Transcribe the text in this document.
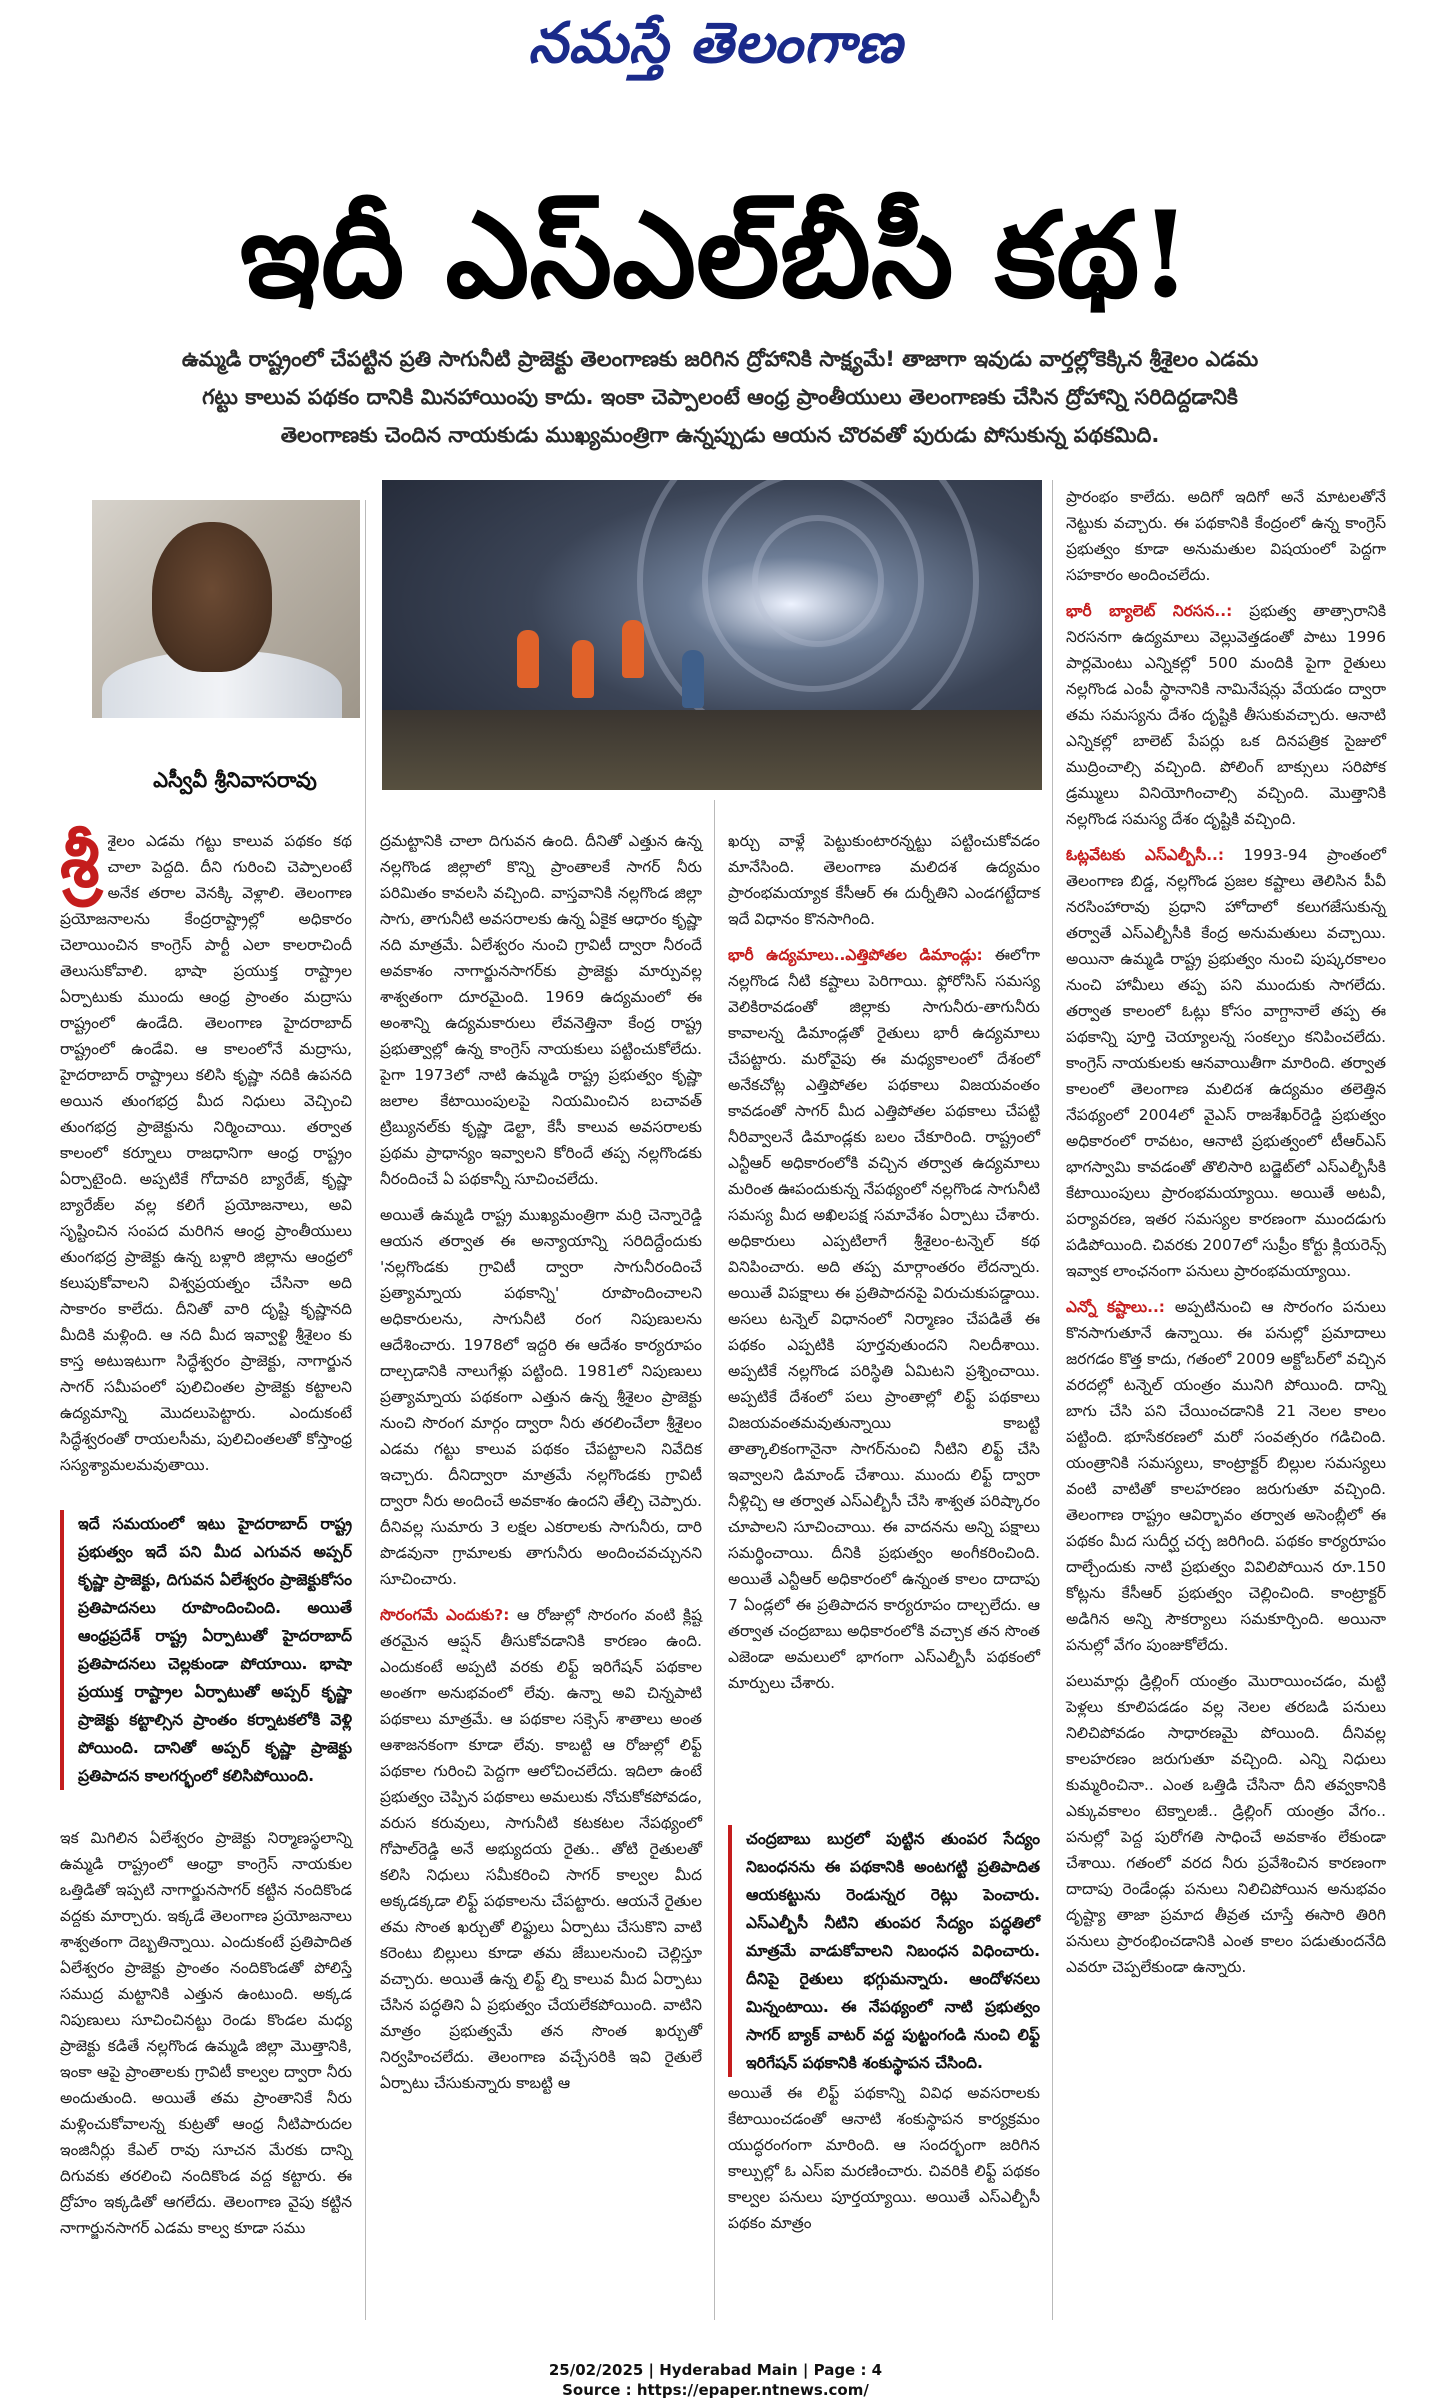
నమస్తే తెలంగాణ
ఇదీ ఎస్‌ఎల్‌బీసీ కథ!
ఉమ్మడి రాష్ట్రంలో చేపట్టిన ప్రతి సాగునీటి ప్రాజెక్టు తెలంగాణకు జరిగిన ద్రోహానికి సాక్ష్యమే! తాజాగా ఇవుడు వార్తల్లోకెక్కిన శ్రీశైలం ఎడమ గట్టు కాలువ పథకం దానికి మినహాయింపు కాదు. ఇంకా చెప్పాలంటే ఆంధ్ర ప్రాంతీయులు తెలంగాణకు చేసిన ద్రోహాన్ని సరిదిద్దడానికి తెలంగాణకు చెందిన నాయకుడు ముఖ్యమంత్రిగా ఉన్నప్పుడు ఆయన చొరవతో పురుడు పోసుకున్న పథకమిది.
ఎస్వీవీ శ్రీనివాసరావు

శ్రీ శైలం ఎడమ గట్టు కాలువ పథకం కథ చాలా పెద్దది. దీని గురించి చెప్పాలంటే అనేక తరాల వెనక్కి వెళ్లాలి. తెలంగాణ ప్రయోజనాలను కేంద్రరాష్ట్రాల్లో అధికారం చెలాయించిన కాంగ్రెస్ పార్టీ ఎలా కాలరాచిందీ తెలుసుకోవాలి. భాషా ప్రయుక్త రాష్ట్రాల ఏర్పాటుకు ముందు ఆంధ్ర ప్రాంతం మద్రాసు రాష్ట్రంలో ఉండేది. తెలంగాణ హైదరాబాద్ రాష్ట్రంలో ఉండేవి. ఆ కాలంలోనే మద్రాసు, హైదరాబాద్ రాష్ట్రాలు కలిసి కృష్ణా నదికి ఉపనది అయిన తుంగభద్ర మీద నిధులు వెచ్చించి తుంగభద్ర ప్రాజెక్టును నిర్మించాయి. తర్వాత కాలంలో కర్నూలు రాజధానిగా ఆంధ్ర రాష్ట్రం ఏర్పాటైంది. అప్పటికే గోదావరి బ్యారేజ్, కృష్ణా బ్యారేజ్‌ల వల్ల కలిగే ప్రయోజనాలు, అవి సృష్టించిన సంపద మరిగిన ఆంధ్ర ప్రాంతీయులు తుంగభద్ర ప్రాజెక్టు ఉన్న బళ్లారి జిల్లాను ఆంధ్రలో కలుపుకోవాలని విశ్వప్రయత్నం చేసినా అది సాకారం కాలేదు. దీనితో వారి దృష్టి కృష్ణానది మీదికి మళ్లింది. ఆ నది మీద ఇవ్వాళ్టి శ్రీశైలం కు కాస్త అటుఇటుగా సిద్ధేశ్వరం ప్రాజెక్టు, నాగార్జున సాగర్ సమీపంలో పులిచింతల ప్రాజెక్టు కట్టాలని ఉద్యమాన్ని మొదలుపెట్టారు. ఎందుకంటే సిద్ధేశ్వరంతో రాయలసీమ, పులిచింతలతో కోస్తాంధ్ర సస్యశ్యామలమవుతాయి.

ఇదే సమయంలో ఇటు హైదరాబాద్ రాష్ట్ర ప్రభుత్వం ఇదే పని మీద ఎగువన అప్పర్ కృష్ణా ప్రాజెక్టు, దిగువన ఏలేశ్వరం ప్రాజెక్టుకోసం ప్రతిపాదనలు రూపొందించింది. అయితే ఆంధ్రప్రదేశ్ రాష్ట్ర ఏర్పాటుతో హైదరాబాద్ ప్రతిపాదనలు చెల్లకుండా పోయాయి. భాషా ప్రయుక్త రాష్ట్రాల ఏర్పాటుతో అప్పర్ కృష్ణా ప్రాజెక్టు కట్టాల్సిన ప్రాంతం కర్నాటకలోకి వెళ్లి పోయింది. దానితో అప్పర్ కృష్ణా ప్రాజెక్టు ప్రతిపాదన కాలగర్భంలో కలిసిపోయింది.

ఇక మిగిలిన ఏలేశ్వరం ప్రాజెక్టు నిర్మాణస్థలాన్ని ఉమ్మడి రాష్ట్రంలో ఆంధ్రా కాంగ్రెస్ నాయకుల ఒత్తిడితో ఇప్పటి నాగార్జునసాగర్ కట్టిన నందికొండ వద్దకు మార్చారు. ఇక్కడే తెలంగాణ ప్రయోజనాలు శాశ్వతంగా దెబ్బతిన్నాయి. ఎందుకంటే ప్రతిపాదిత ఏలేశ్వరం ప్రాజెక్టు ప్రాంతం నందికొండతో పోలిస్తే సముద్ర మట్టానికి ఎత్తున ఉంటుంది. అక్కడ నిపుణులు సూచించినట్టు రెండు కొండల మధ్య ప్రాజెక్టు కడితే నల్లగొండ ఉమ్మడి జిల్లా మొత్తానికి, ఇంకా ఆపై ప్రాంతాలకు గ్రావిటీ కాల్వల ద్వారా నీరు అందుతుంది. అయితే తమ ప్రాంతానికే నీరు మళ్లించుకోవాలన్న కుట్రతో ఆంధ్ర నీటిపారుదల ఇంజినీర్లు కేఎల్ రావు సూచన మేరకు దాన్ని దిగువకు తరలించి నందికొండ వద్ద కట్టారు. ఈ ద్రోహం ఇక్కడితో ఆగలేదు. తెలంగాణ వైపు కట్టిన నాగార్జునసాగర్ ఎడమ కాల్వ కూడా సము

ద్రమట్టానికి చాలా దిగువన ఉంది. దీనితో ఎత్తున ఉన్న నల్లగొండ జిల్లాలో కొన్ని ప్రాంతాలకే సాగర్ నీరు పరిమితం కావలసి వచ్చింది. వాస్తవానికి నల్లగొండ జిల్లా సాగు, తాగునీటి అవసరాలకు ఉన్న ఏకైక ఆధారం కృష్ణా నది మాత్రమే. ఏలేశ్వరం నుంచి గ్రావిటీ ద్వారా నీరందే అవకాశం నాగార్జునసాగర్‌కు ప్రాజెక్టు మార్పువల్ల శాశ్వతంగా దూరమైంది. 1969 ఉద్యమంలో ఈ అంశాన్ని ఉద్యమకారులు లేవనెత్తినా కేంద్ర రాష్ట్ర ప్రభుత్వాల్లో ఉన్న కాంగ్రెస్ నాయకులు పట్టించుకోలేదు. పైగా 1973లో నాటి ఉమ్మడి రాష్ట్ర ప్రభుత్వం కృష్ణా జలాల కేటాయింపులపై నియమించిన బచావత్ ట్రిబ్యునల్‌కు కృష్ణా డెల్టా, కేసీ కాలువ అవసరాలకు ప్రథమ ప్రాధాన్యం ఇవ్వాలని కోరిందే తప్ప నల్లగొండకు నీరందించే ఏ పథకాన్నీ సూచించలేదు.

అయితే ఉమ్మడి రాష్ట్ర ముఖ్యమంత్రిగా మర్రి చెన్నారెడ్డి ఆయన తర్వాత ఈ అన్యాయాన్ని సరిదిద్దేందుకు 'నల్లగొండకు గ్రావిటీ ద్వారా సాగునీరందించే ప్రత్యామ్నాయ పథకాన్ని' రూపొందించాలని అధికారులను, సాగునీటి రంగ నిపుణులను ఆదేశించారు. 1978లో ఇద్దరి ఈ ఆదేశం కార్యరూపం దాల్చడానికి నాలుగేళ్లు పట్టింది. 1981లో నిపుణులు ప్రత్యామ్నాయ పథకంగా ఎత్తున ఉన్న శ్రీశైలం ప్రాజెక్టు నుంచి సొరంగ మార్గం ద్వారా నీరు తరలించేలా శ్రీశైలం ఎడమ గట్టు కాలువ పథకం చేపట్టాలని నివేదిక ఇచ్చారు. దీనిద్వారా మాత్రమే నల్లగొండకు గ్రావిటీ ద్వారా నీరు అందించే అవకాశం ఉందని తేల్చి చెప్పారు. దీనివల్ల సుమారు 3 లక్షల ఎకరాలకు సాగునీరు, దారి పొడవునా గ్రామాలకు తాగునీరు అందించవచ్చునని సూచించారు.

సొరంగమే ఎందుకు?: ఆ రోజుల్లో సొరంగం వంటి క్లిష్ట తరమైన ఆప్షన్ తీసుకోవడానికి కారణం ఉంది. ఎందుకంటే అప్పటి వరకు లిఫ్ట్ ఇరిగేషన్ పథకాల అంతగా అనుభవంలో లేవు. ఉన్నా అవి చిన్నపాటి పథకాలు మాత్రమే. ఆ పథకాల సక్సెస్ శాతాలు అంత ఆశాజనకంగా కూడా లేవు. కాబట్టి ఆ రోజుల్లో లిఫ్ట్ పథకాల గురించి పెద్దగా ఆలోచించలేదు. ఇదిలా ఉంటే ప్రభుత్వం చెప్పిన పథకాలు అమలుకు నోచుకోకపోవడం, వరుస కరువులు, సాగునీటి కటకటల నేపథ్యంలో గోపాల్‌రెడ్డి అనే అభ్యుదయ రైతు.. తోటి రైతులతో కలిసి నిధులు సమీకరించి సాగర్ కాల్వల మీద అక్కడక్కడా లిఫ్ట్ పథకాలను చేపట్టారు. ఆయనే రైతుల తమ సొంత ఖర్చుతో లిఫ్టులు ఏర్పాటు చేసుకొని వాటి కరెంటు బిల్లులు కూడా తమ జేబులనుంచి చెల్లిస్తూ వచ్చారు. అయితే ఉన్న లిఫ్ట్ ల్ని కాలువ మీద ఏర్పాటు చేసిన పద్ధతిని ఏ ప్రభుత్వం చేయలేకపోయింది. వాటిని మాత్రం ప్రభుత్వమే తన సొంత ఖర్చుతో నిర్వహించలేదు. తెలంగాణ వచ్చేసరికి ఇవి రైతులే ఏర్పాటు చేసుకున్నారు కాబట్టి ఆ

ఖర్చు వాళ్లే పెట్టుకుంటారన్నట్టు పట్టించుకోవడం మానేసింది. తెలంగాణ మలిదశ ఉద్యమం ప్రారంభమయ్యాక కేసీఆర్ ఈ దుర్నీతిని ఎండగట్టేదాక ఇదే విధానం కొనసాగింది.

భారీ ఉద్యమాలు..ఎత్తిపోతల డిమాండ్లు: ఈలోగా నల్లగొండ నీటి కష్టాలు పెరిగాయి. ఫ్లోరోసిస్ సమస్య వెలికిరావడంతో జిల్లాకు సాగునీరు-తాగునీరు కావాలన్న డిమాండ్లతో రైతులు భారీ ఉద్యమాలు చేపట్టారు. మరోవైపు ఈ మధ్యకాలంలో దేశంలో అనేకచోట్ల ఎత్తిపోతల పథకాలు విజయవంతం కావడంతో సాగర్ మీద ఎత్తిపోతల పథకాలు చేపట్టి నీరివ్వాలనే డిమాండ్లకు బలం చేకూరింది. రాష్ట్రంలో ఎన్టీఆర్ అధికారంలోకి వచ్చిన తర్వాత ఉద్యమాలు మరింత ఊపందుకున్న నేపథ్యంలో నల్లగొండ సాగునీటి సమస్య మీద అఖిలపక్ష సమావేశం ఏర్పాటు చేశారు. అధికారులు ఎప్పటిలాగే శ్రీశైలం-టన్నెల్ కథ వినిపించారు. అది తప్ప మార్గాంతరం లేదన్నారు. అయితే విపక్షాలు ఈ ప్రతిపాదనపై విరుచుకుపడ్డాయి. అసలు టన్నెల్ విధానంలో నిర్మాణం చేపడితే ఈ పథకం ఎప్పటికి పూర్తవుతుందని నిలదీశాయి. అప్పటికే నల్లగొండ పరిస్థితి ఏమిటని ప్రశ్నించాయి. అప్పటికే దేశంలో పలు ప్రాంతాల్లో లిఫ్ట్ పథకాలు విజయవంతమవుతున్నాయి కాబట్టి తాత్కాలికంగానైనా సాగర్‌నుంచి నీటిని లిఫ్ట్ చేసి ఇవ్వాలని డిమాండ్ చేశాయి. ముందు లిఫ్ట్ ద్వారా నీళ్లిచ్చి ఆ తర్వాత ఎస్ఎల్బీసీ చేసి శాశ్వత పరిష్కారం చూపాలని సూచించాయి. ఈ వాదనను అన్ని పక్షాలు సమర్థించాయి. దీనికి ప్రభుత్వం అంగీకరించింది. అయితే ఎన్టీఆర్ అధికారంలో ఉన్నంత కాలం దాదాపు 7 ఏండ్లలో ఈ ప్రతిపాదన కార్యరూపం దాల్చలేదు. ఆ తర్వాత చంద్రబాబు అధికారంలోకి వచ్చాక తన సొంత ఎజెండా అమలులో భాగంగా ఎస్ఎల్బీసీ పథకంలో మార్పులు చేశారు.

చంద్రబాబు బుర్రలో పుట్టిన తుంపర సేద్యం నిబంధనను ఈ పథకానికి అంటగట్టి ప్రతిపాదిత ఆయకట్టును రెండున్నర రెట్లు పెంచారు. ఎస్ఎల్బీసీ నీటిని తుంపర సేద్యం పద్ధతిలో మాత్రమే వాడుకోవాలని నిబంధన విధించారు. దీనిపై రైతులు భగ్గుమన్నారు. ఆందోళనలు మిన్నంటాయి. ఈ నేపథ్యంలో నాటి ప్రభుత్వం సాగర్ బ్యాక్ వాటర్ వద్ద పుట్టంగండి నుంచి లిఫ్ట్ ఇరిగేషన్ పథకానికి శంకుస్థాపన చేసింది.

అయితే ఈ లిఫ్ట్ పథకాన్ని వివిధ అవసరాలకు కేటాయించడంతో ఆనాటి శంకుస్థాపన కార్యక్రమం యుద్ధరంగంగా మారింది. ఆ సందర్భంగా జరిగిన కాల్పుల్లో ఓ ఎస్ఐ మరణించారు. చివరికి లిఫ్ట్ పథకం కాల్వల పనులు పూర్తయ్యాయి. అయితే ఎస్ఎల్బీసీ పథకం మాత్రం

ప్రారంభం కాలేదు. అదిగో ఇదిగో అనే మాటలతోనే నెట్టుకు వచ్చారు. ఈ పథకానికి కేంద్రంలో ఉన్న కాంగ్రెస్ ప్రభుత్వం కూడా అనుమతుల విషయంలో పెద్దగా సహకారం అందించలేదు.

భారీ బ్యాలెట్ నిరసన..: ప్రభుత్వ తాత్సారానికి నిరసనగా ఉద్యమాలు వెల్లువెత్తడంతో పాటు 1996 పార్లమెంటు ఎన్నికల్లో 500 మందికి పైగా రైతులు నల్లగొండ ఎంపీ స్థానానికి నామినేషన్లు వేయడం ద్వారా తమ సమస్యను దేశం దృష్టికి తీసుకువచ్చారు. ఆనాటి ఎన్నికల్లో బాలెట్ పేపర్లు ఒక దినపత్రిక సైజులో ముద్రించాల్సి వచ్చింది. పోలింగ్ బాక్సులు సరిపోక డ్రమ్ములు వినియోగించాల్సి వచ్చింది. మొత్తానికి నల్లగొండ సమస్య దేశం దృష్టికి వచ్చింది.

ఓట్లవేటకు ఎస్ఎల్బీసీ..: 1993-94 ప్రాంతంలో తెలంగాణ బిడ్డ, నల్లగొండ ప్రజల కష్టాలు తెలిసిన పీవీ నరసింహారావు ప్రధాని హోదాలో కలుగజేసుకున్న తర్వాతే ఎస్ఎల్బీసీకి కేంద్ర అనుమతులు వచ్చాయి. అయినా ఉమ్మడి రాష్ట్ర ప్రభుత్వం నుంచి పుష్కరకాలం నుంచి హామీలు తప్ప పని ముందుకు సాగలేదు. తర్వాత కాలంలో ఓట్లు కోసం వాగ్దానాలే తప్ప ఈ పథకాన్ని పూర్తి చెయ్యాలన్న సంకల్పం కనిపించలేదు. కాంగ్రెస్ నాయకులకు ఆనవాయితీగా మారింది. తర్వాత కాలంలో తెలంగాణ మలిదశ ఉద్యమం తలెత్తిన నేపథ్యంలో 2004లో వైఎస్ రాజశేఖర్‌రెడ్డి ప్రభుత్వం అధికారంలో రావటం, ఆనాటి ప్రభుత్వంలో టీఆర్ఎస్ భాగస్వామి కావడంతో తొలిసారి బడ్జెట్‌లో ఎస్ఎల్బీసీకి కేటాయింపులు ప్రారంభమయ్యాయి. అయితే అటవీ, పర్యావరణ, ఇతర సమస్యల కారణంగా ముందడుగు పడిపోయింది. చివరకు 2007లో సుప్రీం కోర్టు క్లియరెన్స్ ఇవ్వాక లాంఛనంగా పనులు ప్రారంభమయ్యాయి.

ఎన్నో కష్టాలు..: అప్పటినుంచి ఆ సొరంగం పనులు కొనసాగుతూనే ఉన్నాయి. ఈ పనుల్లో ప్రమాదాలు జరగడం కొత్త కాదు, గతంలో 2009 అక్టోబర్‌లో వచ్చిన వరదల్లో టన్నెల్ యంత్రం మునిగి పోయింది. దాన్ని బాగు చేసి పని చేయించడానికి 21 నెలల కాలం పట్టింది. భూసేకరణలో మరో సంవత్సరం గడిచింది. యంత్రానికి సమస్యలు, కాంట్రాక్టర్ బిల్లుల సమస్యలు వంటి వాటితో కాలహరణం జరుగుతూ వచ్చింది. తెలంగాణ రాష్ట్రం ఆవిర్భావం తర్వాత అసెంబ్లీలో ఈ పథకం మీద సుదీర్ఘ చర్చ జరిగింది. పథకం కార్యరూపం దాల్చేందుకు నాటి ప్రభుత్వం వివిలిపోయిన రూ.150 కోట్లను కేసీఆర్ ప్రభుత్వం చెల్లించింది. కాంట్రాక్టర్ అడిగిన అన్ని సౌకర్యాలు సమకూర్చింది. అయినా పనుల్లో వేగం పుంజుకోలేదు.

పలుమార్లు డ్రిల్లింగ్ యంత్రం మొరాయించడం, మట్టి పెళ్లలు కూలిపడడం వల్ల నెలల తరబడి పనులు నిలిచిపోవడం సాధారణమై పోయింది. దీనివల్ల కాలహరణం జరుగుతూ వచ్చింది. ఎన్ని నిధులు కుమ్మరించినా.. ఎంత ఒత్తిడి చేసినా దీని తవ్వకానికి ఎక్కువకాలం టెక్నాలజీ.. డ్రిల్లింగ్ యంత్రం వేగం.. పనుల్లో పెద్ద పురోగతి సాధించే అవకాశం లేకుండా చేశాయి. గతంలో వరద నీరు ప్రవేశించిన కారణంగా దాదాపు రెండేండ్లు పనులు నిలిచిపోయిన అనుభవం దృష్ట్యా తాజా ప్రమాద తీవ్రత చూస్తే ఈసారి తిరిగి పనులు ప్రారంభించడానికి ఎంత కాలం పడుతుందనేది ఎవరూ చెప్పలేకుండా ఉన్నారు.

25/02/2025 | Hyderabad Main | Page : 4
Source : https://epaper.ntnews.com/
